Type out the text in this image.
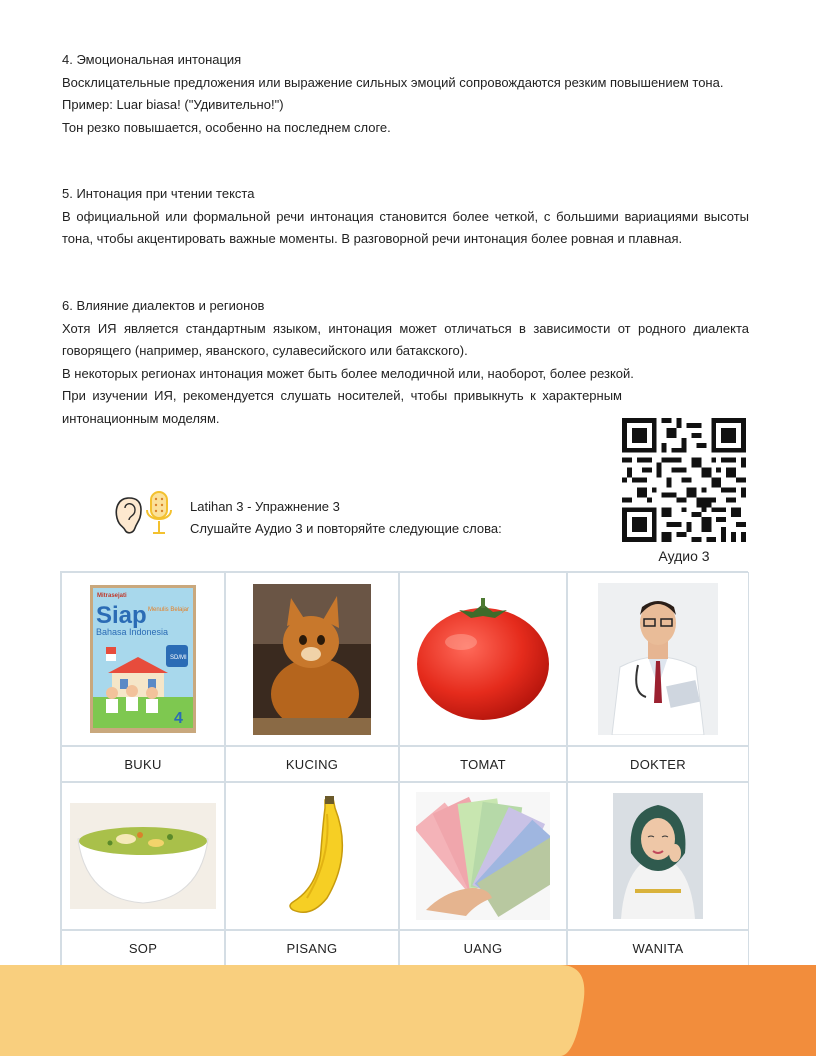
4. Эмоциональная интонация

Восклицательные предложения или выражение сильных эмоций сопровождаются резким повышением тона.

Пример: Luar biasa! ("Удивительно!")

Тон резко повышается, особенно на последнем слоге.

5. Интонация при чтении текста

В официальной или формальной речи интонация становится более четкой, с большими вариациями высоты тона, чтобы акцентировать важные моменты. В разговорной речи интонация более ровная и плавная.

6. Влияние диалектов и регионов

Хотя ИЯ является стандартным языком, интонация может отличаться в зависимости от родного диалекта говорящего (например, яванского, сулавесийского или батакского).

В некоторых регионах интонация может быть более мелодичной или, наоборот, более резкой.

При изучении ИЯ, рекомендуется слушать носителей, чтобы привыкнуть к характерным интонационным моделям.

Latihan 3 - Упражнение 3
Слушайте Аудио 3 и повторяйте следующие слова:
Аудио 3
Mitrasejati
Siap Menulis Belajar
Bahasa Indonesia
SD/MI
4
BUKU	KUCING	TOMAT	DOKTER
SOP	PISANG	UANG	WANITA
